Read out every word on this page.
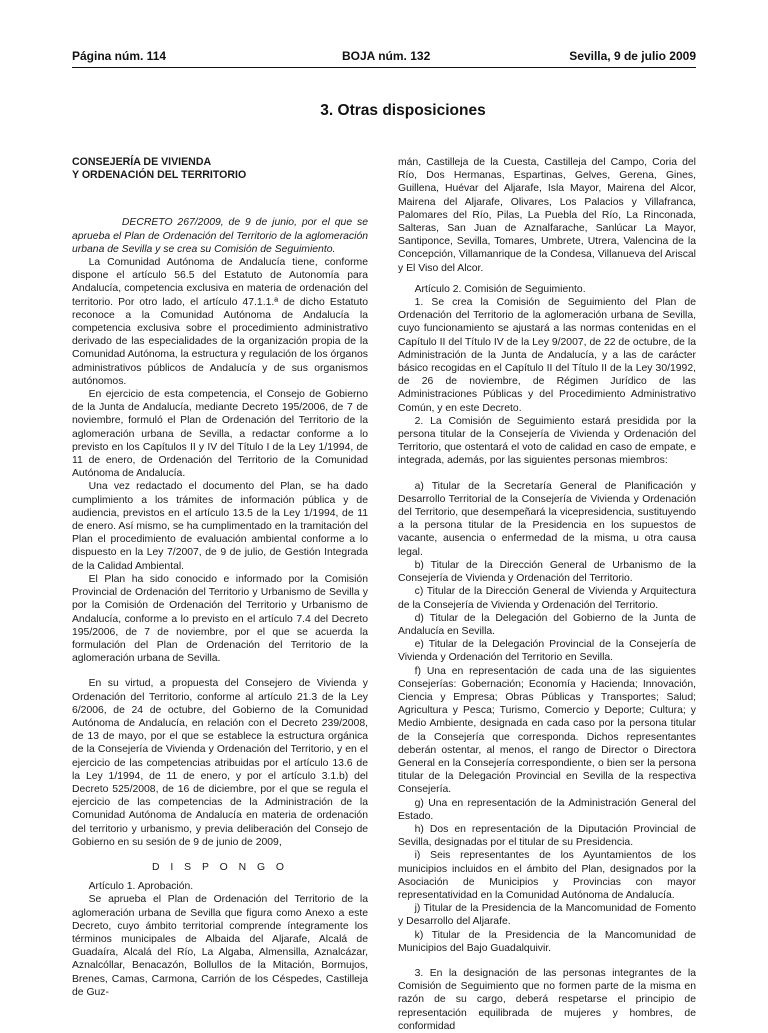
Página núm. 114	BOJA núm. 132	Sevilla, 9 de julio 2009
3. Otras disposiciones
CONSEJERÍA DE VIVIENDA
Y ORDENACIÓN DEL TERRITORIO

DECRETO 267/2009, de 9 de junio, por el que se aprueba el Plan de Ordenación del Territorio de la aglomeración urbana de Sevilla y se crea su Comisión de Seguimiento.

La Comunidad Autónoma de Andalucía tiene, conforme dispone el artículo 56.5 del Estatuto de Autonomía para Andalucía, competencia exclusiva en materia de ordenación del territorio. Por otro lado, el artículo 47.1.1.ª de dicho Estatuto reconoce a la Comunidad Autónoma de Andalucía la competencia exclusiva sobre el procedimiento administrativo derivado de las especialidades de la organización propia de la Comunidad Autónoma, la estructura y regulación de los órganos administrativos públicos de Andalucía y de sus organismos autónomos.

En ejercicio de esta competencia, el Consejo de Gobierno de la Junta de Andalucía, mediante Decreto 195/2006, de 7 de noviembre, formuló el Plan de Ordenación del Territorio de la aglomeración urbana de Sevilla, a redactar conforme a lo previsto en los Capítulos II y IV del Título I de la Ley 1/1994, de 11 de enero, de Ordenación del Territorio de la Comunidad Autónoma de Andalucía.

Una vez redactado el documento del Plan, se ha dado cumplimiento a los trámites de información pública y de audiencia, previstos en el artículo 13.5 de la Ley 1/1994, de 11 de enero. Así mismo, se ha cumplimentado en la tramitación del Plan el procedimiento de evaluación ambiental conforme a lo dispuesto en la Ley 7/2007, de 9 de julio, de Gestión Integrada de la Calidad Ambiental.

El Plan ha sido conocido e informado por la Comisión Provincial de Ordenación del Territorio y Urbanismo de Sevilla y por la Comisión de Ordenación del Territorio y Urbanismo de Andalucía, conforme a lo previsto en el artículo 7.4 del Decreto 195/2006, de 7 de noviembre, por el que se acuerda la formulación del Plan de Ordenación del Territorio de la aglomeración urbana de Sevilla.

En su virtud, a propuesta del Consejero de Vivienda y Ordenación del Territorio, conforme al artículo 21.3 de la Ley 6/2006, de 24 de octubre, del Gobierno de la Comunidad Autónoma de Andalucía, en relación con el Decreto 239/2008, de 13 de mayo, por el que se establece la estructura orgánica de la Consejería de Vivienda y Ordenación del Territorio, y en el ejercicio de las competencias atribuidas por el artículo 13.6 de la Ley 1/1994, de 11 de enero, y por el artículo 3.1.b) del Decreto 525/2008, de 16 de diciembre, por el que se regula el ejercicio de las competencias de la Administración de la Comunidad Autónoma de Andalucía en materia de ordenación del territorio y urbanismo, y previa deliberación del Consejo de Gobierno en su sesión de 9 de junio de 2009,

D I S P O N G O

Artículo 1. Aprobación.

Se aprueba el Plan de Ordenación del Territorio de la aglomeración urbana de Sevilla que figura como Anexo a este Decreto, cuyo ámbito territorial comprende íntegramente los términos municipales de Albaida del Aljarafe, Alcalá de Guadaíra, Alcalá del Río, La Algaba, Almensilla, Aznalcázar, Aznalcóllar, Benacazón, Bollullos de la Mitación, Bormujos, Brenes, Camas, Carmona, Carrión de los Céspedes, Castilleja de Guz-

mán, Castilleja de la Cuesta, Castilleja del Campo, Coria del Río, Dos Hermanas, Espartinas, Gelves, Gerena, Gines, Guillena, Huévar del Aljarafe, Isla Mayor, Mairena del Alcor, Mairena del Aljarafe, Olivares, Los Palacios y Villafranca, Palomares del Río, Pilas, La Puebla del Río, La Rinconada, Salteras, San Juan de Aznalfarache, Sanlúcar La Mayor, Santiponce, Sevilla, Tomares, Umbrete, Utrera, Valencina de la Concepción, Villamanrique de la Condesa, Villanueva del Ariscal y El Viso del Alcor.

Artículo 2. Comisión de Seguimiento.

1. Se crea la Comisión de Seguimiento del Plan de Ordenación del Territorio de la aglomeración urbana de Sevilla, cuyo funcionamiento se ajustará a las normas contenidas en el Capítulo II del Título IV de la Ley 9/2007, de 22 de octubre, de la Administración de la Junta de Andalucía, y a las de carácter básico recogidas en el Capítulo II del Título II de la Ley 30/1992, de 26 de noviembre, de Régimen Jurídico de las Administraciones Públicas y del Procedimiento Administrativo Común, y en este Decreto.

2. La Comisión de Seguimiento estará presidida por la persona titular de la Consejería de Vivienda y Ordenación del Territorio, que ostentará el voto de calidad en caso de empate, e integrada, además, por las siguientes personas miembros:

a) Titular de la Secretaría General de Planificación y Desarrollo Territorial de la Consejería de Vivienda y Ordenación del Territorio, que desempeñará la vicepresidencia, sustituyendo a la persona titular de la Presidencia en los supuestos de vacante, ausencia o enfermedad de la misma, u otra causa legal.

b) Titular de la Dirección General de Urbanismo de la Consejería de Vivienda y Ordenación del Territorio.

c) Titular de la Dirección General de Vivienda y Arquitectura de la Consejería de Vivienda y Ordenación del Territorio.

d) Titular de la Delegación del Gobierno de la Junta de Andalucía en Sevilla.

e) Titular de la Delegación Provincial de la Consejería de Vivienda y Ordenación del Territorio en Sevilla.

f) Una en representación de cada una de las siguientes Consejerías: Gobernación; Economía y Hacienda; Innovación, Ciencia y Empresa; Obras Públicas y Transportes; Salud; Agricultura y Pesca; Turismo, Comercio y Deporte; Cultura; y Medio Ambiente, designada en cada caso por la persona titular de la Consejería que corresponda. Dichos representantes deberán ostentar, al menos, el rango de Director o Directora General en la Consejería correspondiente, o bien ser la persona titular de la Delegación Provincial en Sevilla de la respectiva Consejería.

g) Una en representación de la Administración General del Estado.

h) Dos en representación de la Diputación Provincial de Sevilla, designadas por el titular de su Presidencia.

i) Seis representantes de los Ayuntamientos de los municipios incluidos en el ámbito del Plan, designados por la Asociación de Municipios y Provincias con mayor representatividad en la Comunidad Autónoma de Andalucía.

j) Titular de la Presidencia de la Mancomunidad de Fomento y Desarrollo del Aljarafe.

k) Titular de la Presidencia de la Mancomunidad de Municipios del Bajo Guadalquivir.

3. En la designación de las personas integrantes de la Comisión de Seguimiento que no formen parte de la misma en razón de su cargo, deberá respetarse el principio de representación equilibrada de mujeres y hombres, de conformidad
